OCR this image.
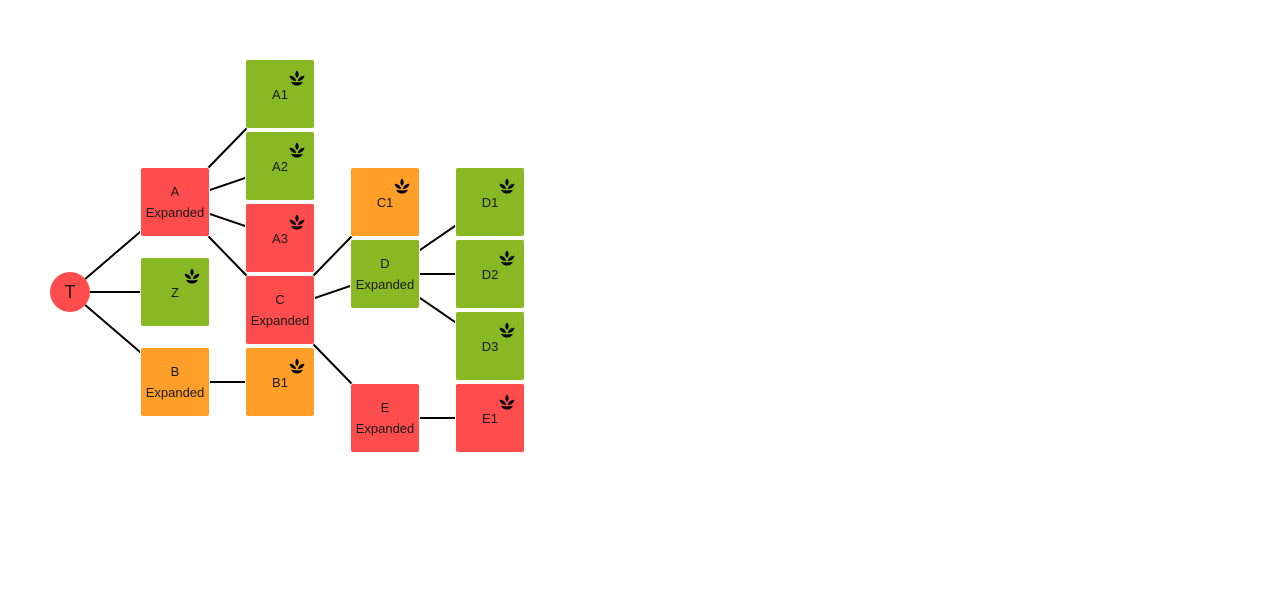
T
A
Expanded
Z
B
Expanded
A1
A2
A3
C
Expanded
B1
C1
D
Expanded
E
Expanded
D1
D2
D3
E1
